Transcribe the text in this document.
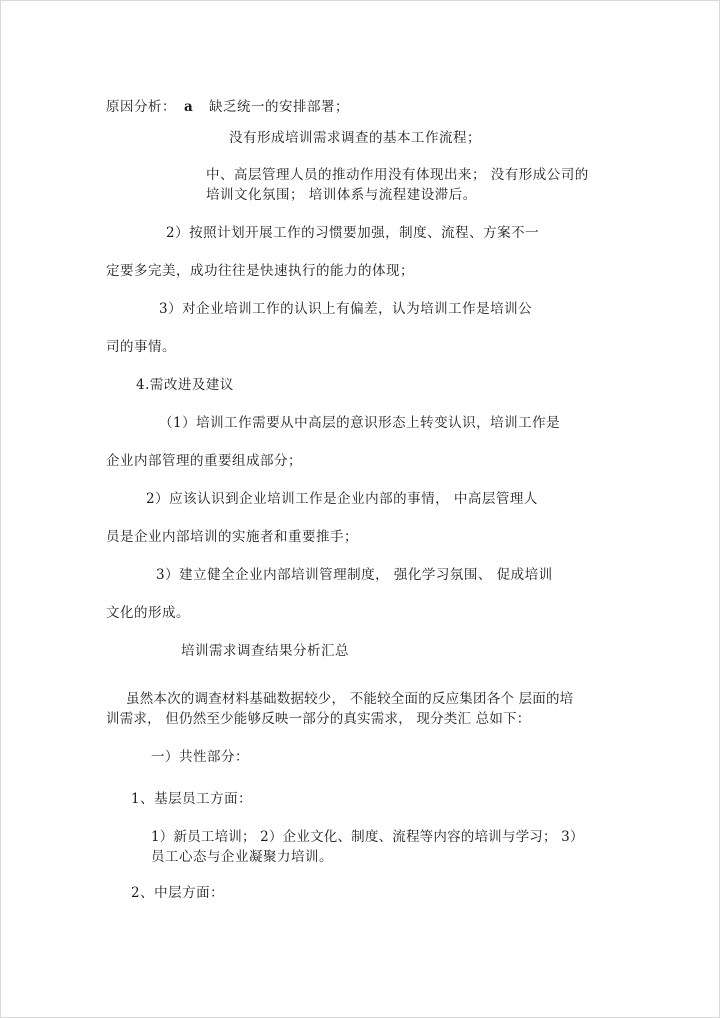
原因分析： a 缺乏统一的安排部署；
没有形成培训需求调查的基本工作流程；
中、高层管理人员的推动作用没有体现出来； 没有形成公司的
培训文化氛围； 培训体系与流程建设滞后。
2）按照计划开展工作的习惯要加强，制度、流程、方案不一
定要多完美，成功往往是快速执行的能力的体现；
3）对企业培训工作的认识上有偏差，认为培训工作是培训公
司的事情。
4.需改进及建议
（1）培训工作需要从中高层的意识形态上转变认识，培训工作是
企业内部管理的重要组成部分；
2）应该认识到企业培训工作是企业内部的事情， 中高层管理人
员是企业内部培训的实施者和重要推手；
3）建立健全企业内部培训管理制度， 强化学习氛围、 促成培训
文化的形成。
培训需求调查结果分析汇总
虽然本次的调查材料基础数据较少， 不能较全面的反应集团各个 层面的培
训需求， 但仍然至少能够反映一部分的真实需求， 现分类汇 总如下：
一）共性部分：
1、基层员工方面：
1）新员工培训； 2）企业文化、制度、流程等内容的培训与学习； 3）
员工心态与企业凝聚力培训。
2、中层方面：
